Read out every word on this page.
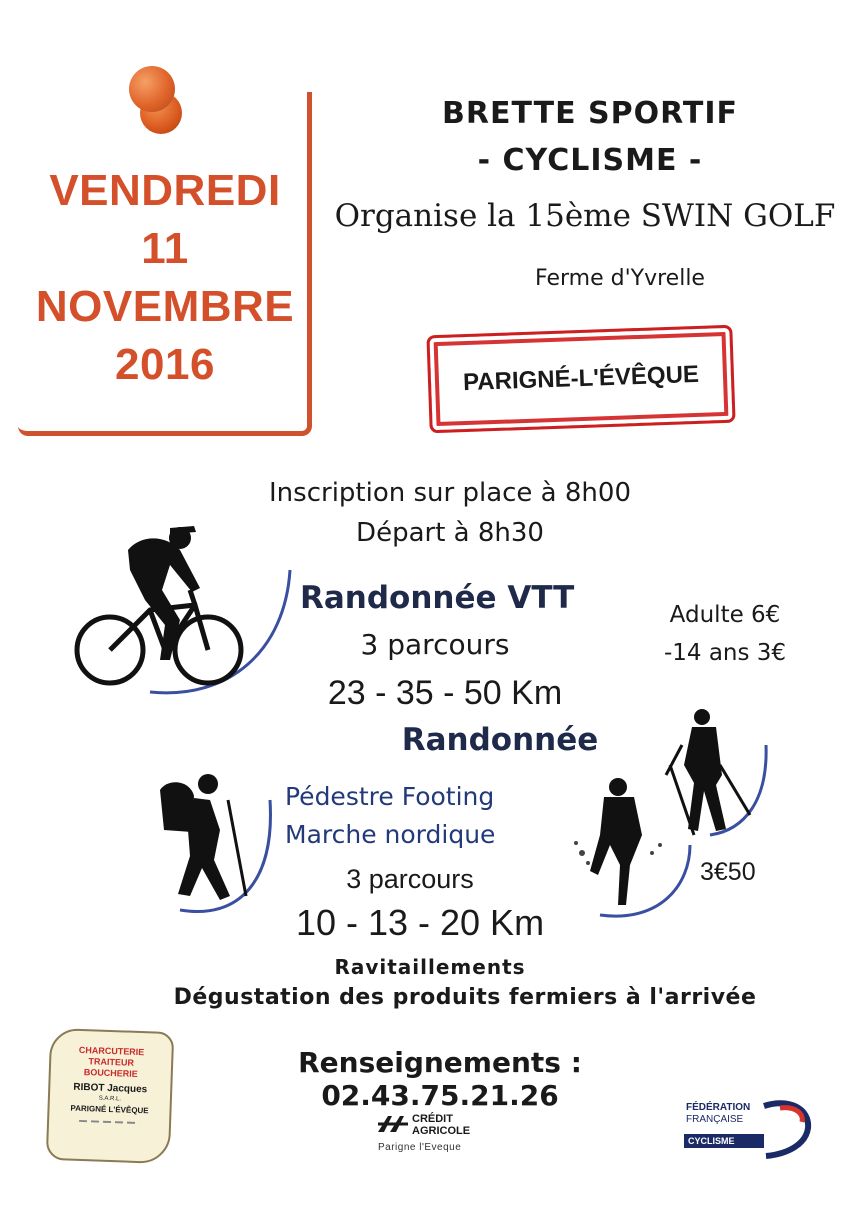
VENDREDI
11
NOVEMBRE
2016
BRETTE SPORTIF
- CYCLISME -
Organise la 15ème SWIN GOLF
Ferme d'Yvrelle
PARIGNÉ-L'ÉVÊQUE
Inscription sur place à 8h00
Départ à 8h30
Randonnée VTT
3 parcours
23 - 35 - 50 Km
Adulte 6€
-14 ans 3€
Randonnée
Pédestre Footing
Marche nordique
3 parcours
10 - 13 - 20 Km
3€50
Ravitaillements
Dégustation des produits fermiers à l'arrivée
Renseignements : 02.43.75.21.26
CHARCUTERIE
TRAITEUR
BOUCHERIE
RIBOT Jacques
S.A.R.L.
PARIGNÉ L'ÉVÊQUE
CRÉDIT
AGRICOLE
Parigne l'Eveque
FÉDÉRATION
FRANÇAISE
CYCLISME
